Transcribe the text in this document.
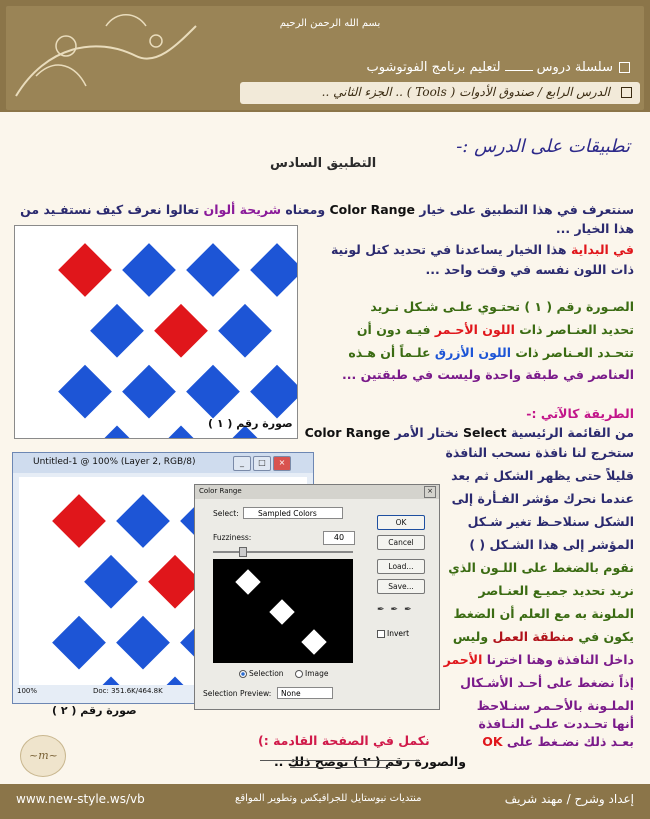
بسم الله الرحمن الرحيم
سلسلة دروسلتعليم برنامج الفوتوشوب
الدرس الرابع / صندوق الأدوات ( Tools ) .. الجزء الثاني ..
تطبيقات على الدرس :-
التطبيق السادس
سنتعرف في هذا التطبيق على خيار Color Range ومعناه شريحة ألوان تعالوا نعرف كيف نستفـيد من
هذا الخيار ...
في البداية هذا الخيار يساعدنا في تحديد كتل لونية
ذات اللون نفسه في وقت واحد ...
الصـورة رقم ( ١ ) تحتـوي علـى شـكل نـريد
تحديد العنـاصر ذات اللون الأحـمر فيـه دون أن
تتحـدد العـناصر ذات اللون الأزرق علـماً أن هـذه
العناصر في طبقة واحدة وليست في طبقتين ...
صورة رقم ( ١ )
الطريقة كالآتي :-
من القائمة الرئيسية Select نختار الأمر Color Range
ستخرج لنا نافذة نسحب النافذة
قليلاً حتى يظهر الشكل ثم بعد
عندما نحرك مؤشر الفـأرة إلى
الشكل سنلاحـظ تغير شـكل
المؤشر إلى هذا الشـكل ( )
نقوم بالضغط على اللـون الذي
نريد تحديد جميـع العنـاصر
الملونة به مع العلم أن الضغط
يكون في منطقة العمل وليس
داخل النافذة وهنا اخترنا الأحمر
إذاً نضغط على أحـد الأشـكال
الملـونة بالأحـمر سنـلاحظ
أنها تحـددت علـى النـافذة
بعـد ذلك نضـغط على OK
والصورة رقم ( ٢ ) توضح ذلك ..
Untitled-1 @ 100% (Layer 2, RGB/8)	_	□	×
100%	Doc: 351.6K/464.8K
صورة رقم ( ٢ )
Color Range	×
Select:	Sampled Colors
Fuzziness:	40
Selection	Image
OK
Cancel
Load...
Save...
✒✒✒
Invert
Selection Preview:	None
~m~
نكمل في الصفحة القادمة :)
www.new-style.ws/vb	منتديات نيوستايل للجرافيكس وتطوير المواقع	إعداد وشرح / مهند شريف
